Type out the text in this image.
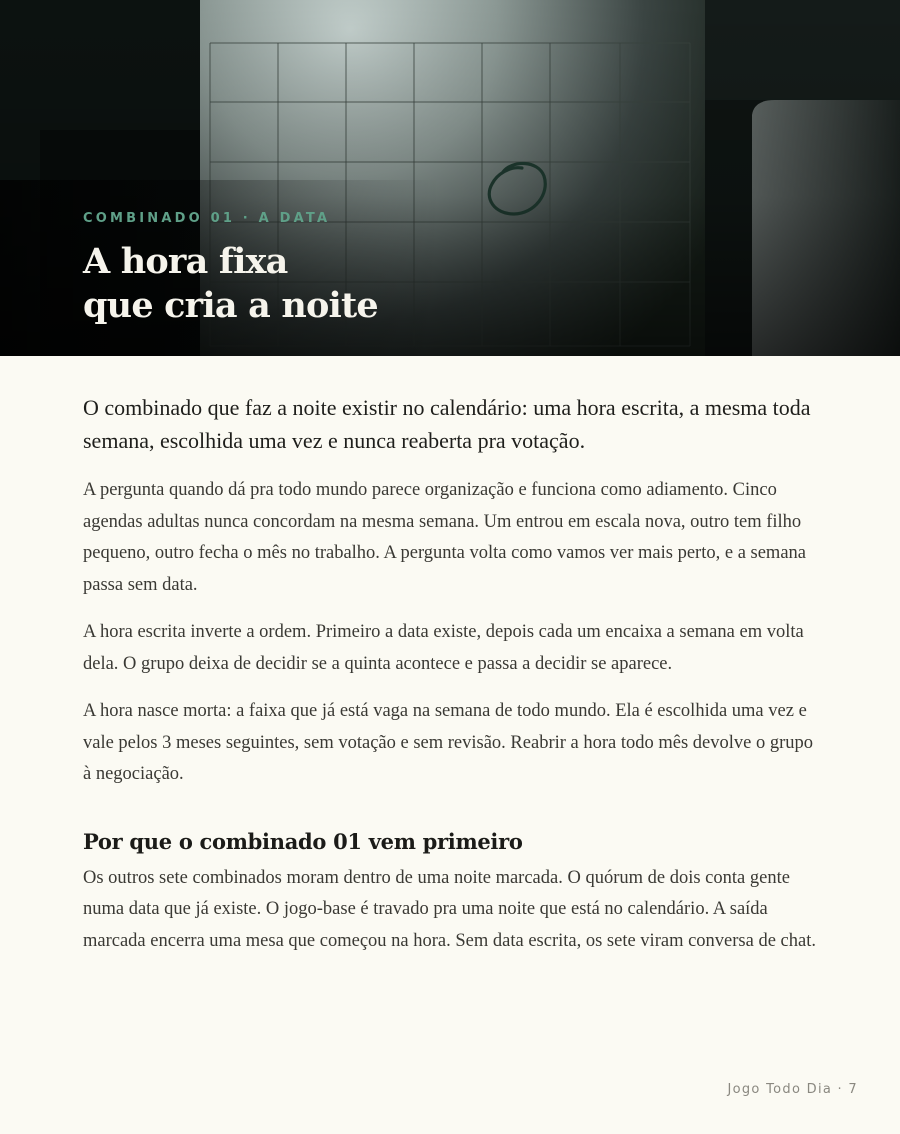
COMBINADO 01 · A DATA
A hora fixa
que cria a noite

O combinado que faz a noite existir no calendário: uma hora escrita, a mesma toda semana, escolhida uma vez e nunca reaberta pra votação.

A pergunta quando dá pra todo mundo parece organização e funciona como adiamento. Cinco agendas adultas nunca concordam na mesma semana. Um entrou em escala nova, outro tem filho pequeno, outro fecha o mês no trabalho. A pergunta volta como vamos ver mais perto, e a semana passa sem data.

A hora escrita inverte a ordem. Primeiro a data existe, depois cada um encaixa a semana em volta dela. O grupo deixa de decidir se a quinta acontece e passa a decidir se aparece.

A hora nasce morta: a faixa que já está vaga na semana de todo mundo. Ela é escolhida uma vez e vale pelos 3 meses seguintes, sem votação e sem revisão. Reabrir a hora todo mês devolve o grupo à negociação.

Por que o combinado 01 vem primeiro

Os outros sete combinados moram dentro de uma noite marcada. O quórum de dois conta gente numa data que já existe. O jogo-base é travado pra uma noite que está no calendário. A saída marcada encerra uma mesa que começou na hora. Sem data escrita, os sete viram conversa de chat.

Jogo Todo Dia · 7
